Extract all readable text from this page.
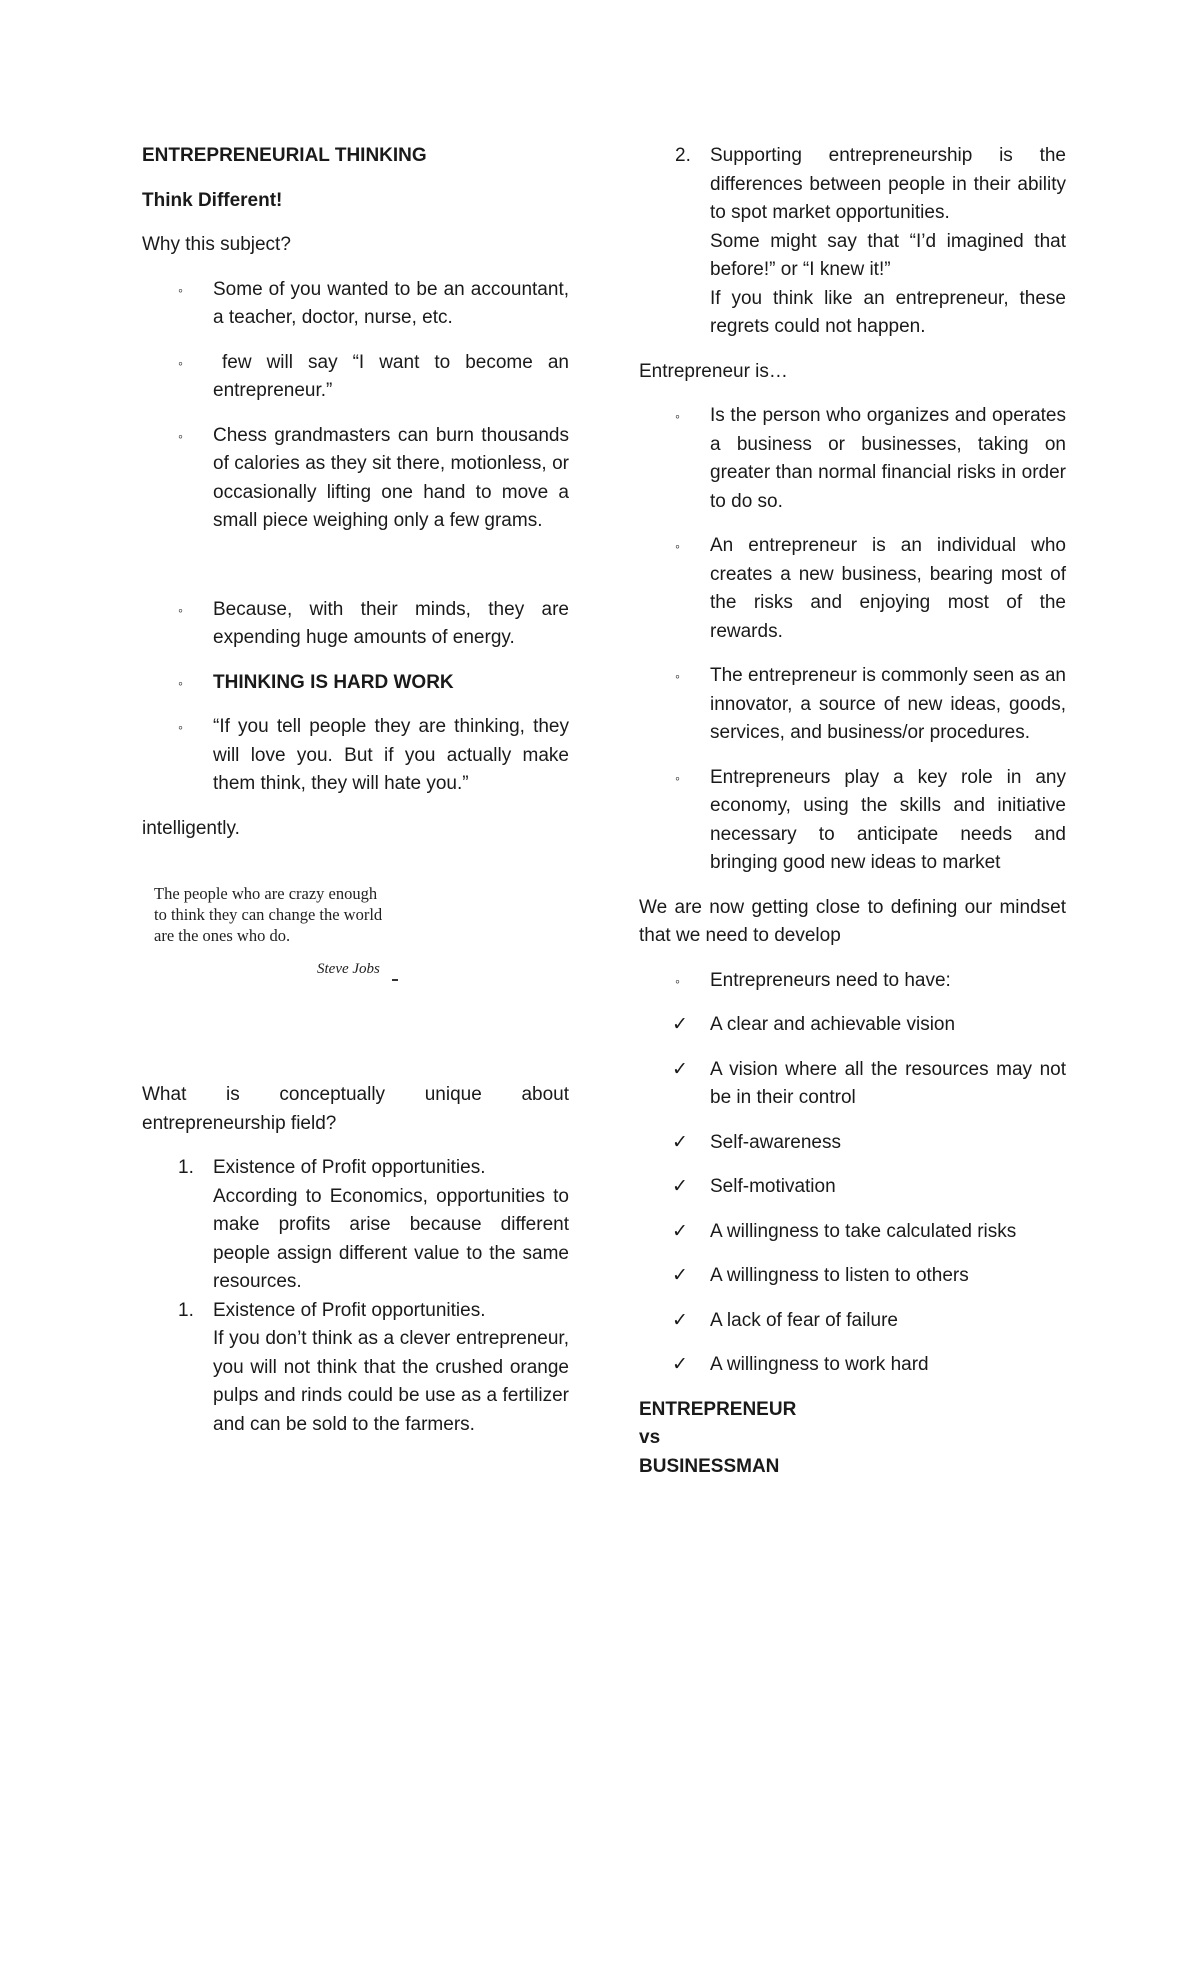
ENTREPRENEURIAL THINKING

Think Different!

Why this subject?

◦ Some of you wanted to be an accountant, a teacher, doctor, nurse, etc.
◦ few will say “I want to become an entrepreneur.”
◦ Chess grandmasters can burn thousands of calories as they sit there, motionless, or occasionally lifting one hand to move a small piece weighing only a few grams.
◦ Because, with their minds, they are expending huge amounts of energy.
◦ THINKING IS HARD WORK
◦ “If you tell people they are thinking, they will love you. But if you actually make them think, they will hate you.”

intelligently.

The people who are crazy enough
to think they can change the world
are the ones who do.
Steve Jobs

What is conceptually unique about entrepreneurship field?

1. Existence of Profit opportunities.
According to Economics, opportunities to make profits arise because different people assign different value to the same resources.
1. Existence of Profit opportunities.
If you don’t think as a clever entrepreneur, you will not think that the crushed orange pulps and rinds could be use as a fertilizer and can be sold to the farmers.
2. Supporting entrepreneurship is the differences between people in their ability to spot market opportunities.
Some might say that “I’d imagined that before!” or “I knew it!”
If you think like an entrepreneur, these regrets could not happen.

Entrepreneur is…

◦ Is the person who organizes and operates a business or businesses, taking on greater than normal financial risks in order to do so.
◦ An entrepreneur is an individual who creates a new business, bearing most of the risks and enjoying most of the rewards.
◦ The entrepreneur is commonly seen as an innovator, a source of new ideas, goods, services, and business/or procedures.
◦ Entrepreneurs play a key role in any economy, using the skills and initiative necessary to anticipate needs and bringing good new ideas to market

We are now getting close to defining our mindset that we need to develop

◦ Entrepreneurs need to have:
✓ A clear and achievable vision
✓ A vision where all the resources may not be in their control
✓ Self-awareness
✓ Self-motivation
✓ A willingness to take calculated risks
✓ A willingness to listen to others
✓ A lack of fear of failure
✓ A willingness to work hard
ENTREPRENEUR
vs
BUSINESSMAN
